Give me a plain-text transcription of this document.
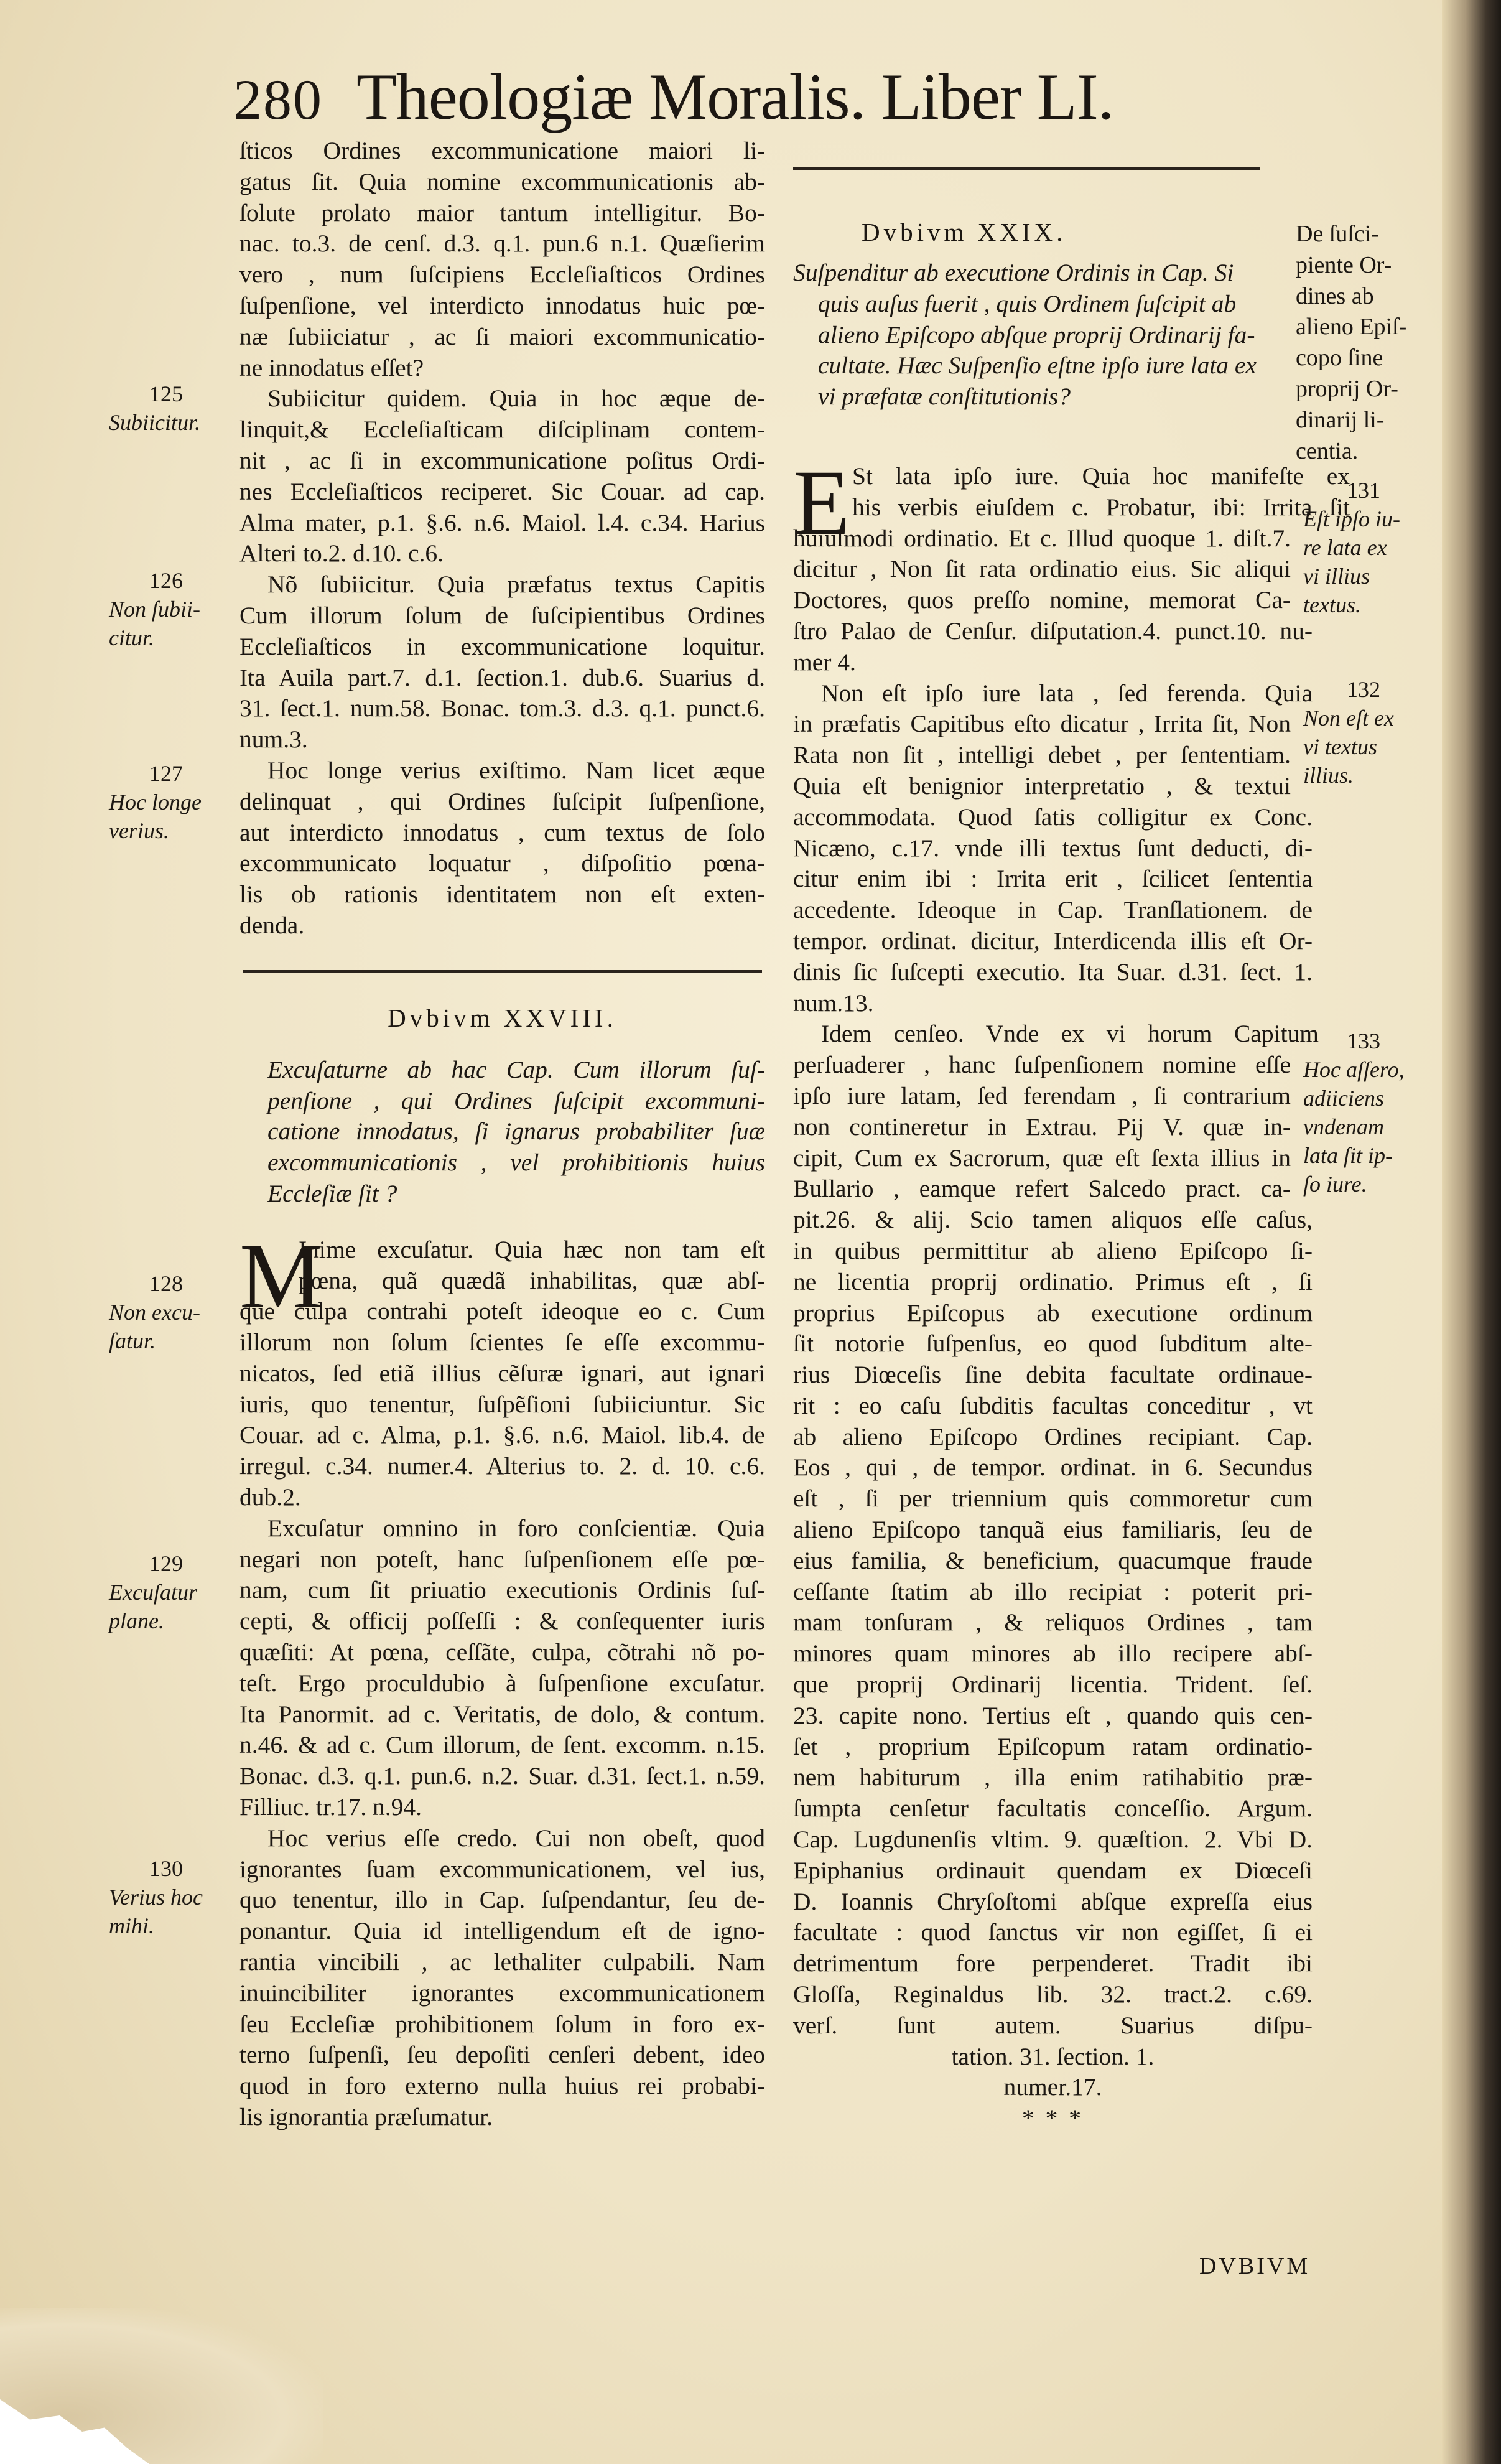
280 Theologiæ Moralis. Liber LI.
ſticos Ordines excommunicatione maiori li-
gatus ſit. Quia nomine excommunicationis ab-
ſolute prolato maior tantum intelligitur. Bo-
nac. to.3. de cenſ. d.3. q.1. pun.6 n.1. Quæſierim
vero , num ſuſcipiens Eccleſiaſticos Ordines
ſuſpenſione, vel interdicto innodatus huic pœ-
næ ſubiiciatur , ac ſi maiori excommunicatio-
ne innodatus eſſet?
Subiicitur quidem. Quia in hoc æque de-
linquit,& Eccleſiaſticam diſciplinam contem-
nit , ac ſi in excommunicatione poſitus Ordi-
nes Eccleſiaſticos reciperet. Sic Couar. ad cap.
Alma mater, p.1. §.6. n.6. Maiol. l.4. c.34. Harius
Alteri to.2. d.10. c.6.
Nõ ſubiicitur. Quia præfatus textus Capitis
Cum illorum ſolum de ſuſcipientibus Ordines
Eccleſiaſticos in excommunicatione loquitur.
Ita Auila part.7. d.1. ſection.1. dub.6. Suarius d.
31. ſect.1. num.58. Bonac. tom.3. d.3. q.1. punct.6.
num.3.
Hoc longe verius exiſtimo. Nam licet æque
delinquat , qui Ordines ſuſcipit ſuſpenſione,
aut interdicto innodatus , cum textus de ſolo
excommunicato loquatur , diſpoſitio pœna-
lis ob rationis identitatem non eſt exten-
denda.
Dvbivm XXVIII.
Excuſaturne ab hac Cap. Cum illorum ſuſ-
penſione , qui Ordines ſuſcipit excommuni-
catione innodatus, ſi ignarus probabiliter ſuæ
excommunicationis , vel prohibitionis huius
Eccleſiæ ſit ?
M
Inime excuſatur. Quia hæc non tam eſt
pœna, quã quædã inhabilitas, quæ abſ-
que culpa contrahi poteſt ideoque eo c. Cum
illorum non ſolum ſcientes ſe eſſe excommu-
nicatos, ſed etiã illius cẽſuræ ignari, aut ignari
iuris, quo tenentur, ſuſpẽſioni ſubiiciuntur. Sic
Couar. ad c. Alma, p.1. §.6. n.6. Maiol. lib.4. de
irregul. c.34. numer.4. Alterius to. 2. d. 10. c.6.
dub.2.
Excuſatur omnino in foro conſcientiæ. Quia
negari non poteſt, hanc ſuſpenſionem eſſe pœ-
nam, cum ſit priuatio executionis Ordinis ſuſ-
cepti, & officij poſſeſſi : & conſequenter iuris
quæſiti: At pœna, ceſſãte, culpa, cõtrahi nõ po-
teſt. Ergo proculdubio à ſuſpenſione excuſatur.
Ita Panormit. ad c. Veritatis, de dolo, & contum.
n.46. & ad c. Cum illorum, de ſent. excomm. n.15.
Bonac. d.3. q.1. pun.6. n.2. Suar. d.31. ſect.1. n.59.
Filliuc. tr.17. n.94.
Hoc verius eſſe credo. Cui non obeſt, quod
ignorantes ſuam excommunicationem, vel ius,
quo tenentur, illo in Cap. ſuſpendantur, ſeu de-
ponantur. Quia id intelligendum eſt de igno-
rantia vincibili , ac lethaliter culpabili. Nam
inuincibiliter ignorantes excommunicationem
ſeu Eccleſiæ prohibitionem ſolum in foro ex-
terno ſuſpenſi, ſeu depoſiti cenſeri debent, ideo
quod in foro externo nulla huius rei probabi-
lis ignorantia præſumatur.
Dvbivm XXIX.
Suſpenditur ab executione Ordinis in Cap. Si
quis auſus fuerit , quis Ordinem ſuſcipit ab
alieno Epiſcopo abſque proprij Ordinarij fa-
cultate. Hæc Suſpenſio eſtne ipſo iure lata ex
vi præfatæ conſtitutionis?
E St lata ipſo iure. Quia hoc manifeſte ex
his verbis eiuſdem c. Probatur, ibi: Irrita ſit
huiuſmodi ordinatio. Et c. Illud quoque 1. diſt.7.
dicitur , Non ſit rata ordinatio eius. Sic aliqui
Doctores, quos preſſo nomine, memorat Ca-
ſtro Palao de Cenſur. diſputation.4. punct.10. nu-
mer 4.
Non eſt ipſo iure lata , ſed ferenda. Quia
in præfatis Capitibus eſto dicatur , Irrita ſit, Non
Rata non ſit , intelligi debet , per ſententiam.
Quia eſt benignior interpretatio , & textui
accommodata. Quod ſatis colligitur ex Conc.
Nicæno, c.17. vnde illi textus ſunt deducti, di-
citur enim ibi : Irrita erit , ſcilicet ſententia
accedente. Ideoque in Cap. Tranſlationem. de
tempor. ordinat. dicitur, Interdicenda illis eſt Or-
dinis ſic ſuſcepti executio. Ita Suar. d.31. ſect. 1.
num.13.
Idem cenſeo. Vnde ex vi horum Capitum
perſuaderer , hanc ſuſpenſionem nomine eſſe
ipſo iure latam, ſed ferendam , ſi contrarium
non contineretur in Extrau. Pij V. quæ in-
cipit, Cum ex Sacrorum, quæ eſt ſexta illius in
Bullario , eamque refert Salcedo pract. ca-
pit.26. & alij. Scio tamen aliquos eſſe caſus,
in quibus permittitur ab alieno Epiſcopo ſi-
ne licentia proprij ordinatio. Primus eſt , ſi
proprius Epiſcopus ab executione ordinum
ſit notorie ſuſpenſus, eo quod ſubditum alte-
rius Diœceſis ſine debita facultate ordinaue-
rit : eo caſu ſubditis facultas conceditur , vt
ab alieno Epiſcopo Ordines recipiant. Cap.
Eos , qui , de tempor. ordinat. in 6. Secundus
eſt , ſi per triennium quis commoretur cum
alieno Epiſcopo tanquã eius familiaris, ſeu de
eius familia, & beneficium, quacumque fraude
ceſſante ſtatim ab illo recipiat : poterit pri-
mam tonſuram , & reliquos Ordines , tam
minores quam minores ab illo recipere abſ-
que proprij Ordinarij licentia. Trident. ſeſ.
23. capite nono. Tertius eſt , quando quis cen-
ſet , proprium Epiſcopum ratam ordinatio-
nem habiturum , illa enim ratihabitio præ-
ſumpta cenſetur facultatis conceſſio. Argum.
Cap. Lugdunenſis vltim. 9. quæſtion. 2. Vbi D.
Epiphanius ordinauit quendam ex Diœceſi
D. Ioannis Chryſoſtomi abſque expreſſa eius
facultate : quod ſanctus vir non egiſſet, ſi ei
detrimentum fore perpenderet. Tradit ibi
Gloſſa, Reginaldus lib. 32. tract.2. c.69.
verſ. ſunt autem. Suarius diſpu-
tation. 31. ſection. 1.
numer.17.
* * *
125
Subiicitur.
126
Non ſubii-
citur.
127
Hoc longe
verius.
128
Non excu-
ſatur.
129
Excuſatur
plane.
130
Verius hoc
mihi.
De ſuſci-
piente Or-
dines ab
alieno Epiſ-
copo ſine
proprij Or-
dinarij li-
centia.
131
Eſt ipſo iu-
re lata ex
vi illius
textus.
132
Non eſt ex
vi textus
illius.
133
Hoc aſſero,
adiiciens
vndenam
lata ſit ip-
ſo iure.
DVBIVM
